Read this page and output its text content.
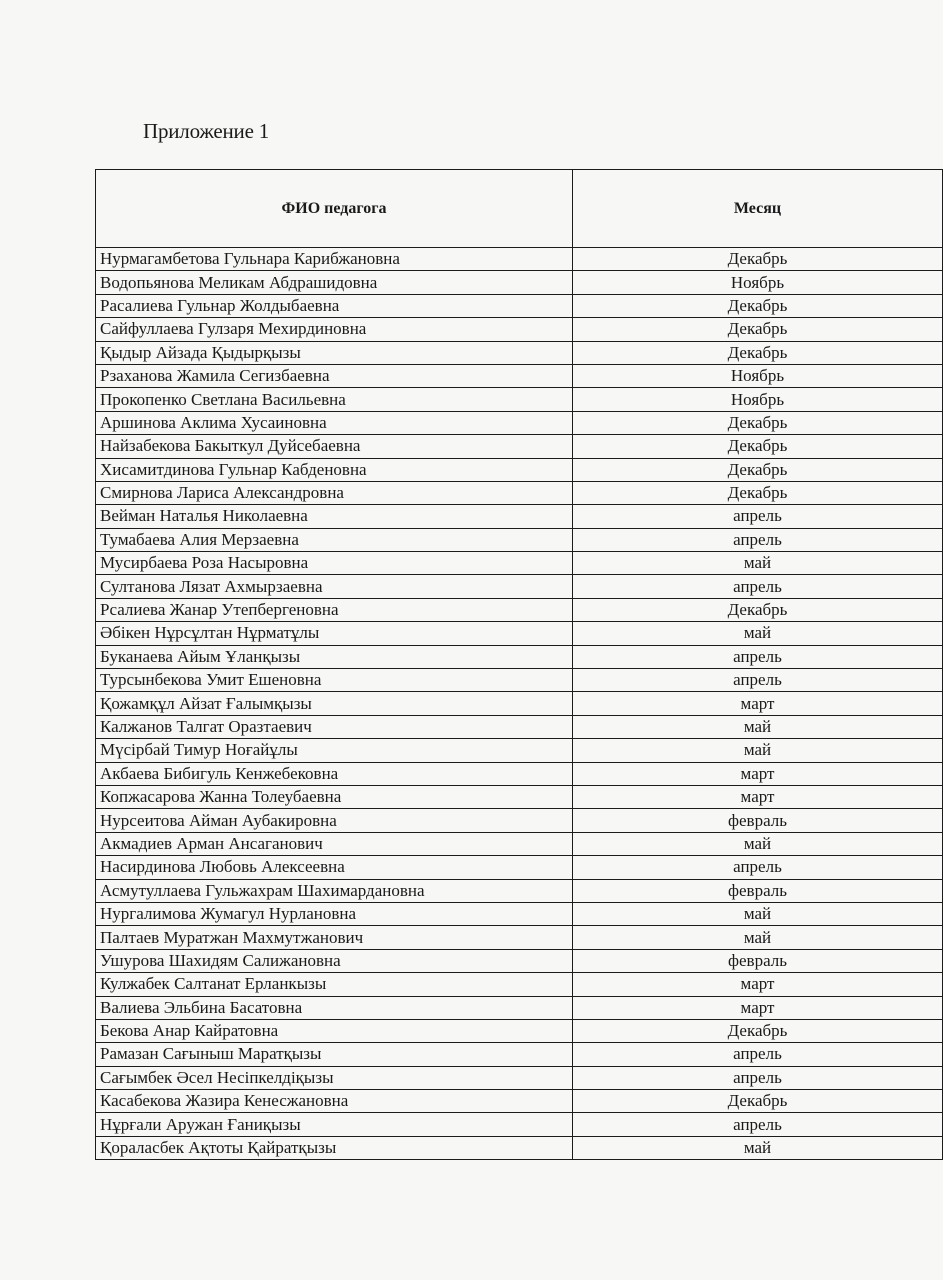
Приложение 1
ФИО педагога	Месяц
Нурмагамбетова Гульнара Карибжановна	Декабрь
Водопьянова Меликам Абдрашидовна	Ноябрь
Расалиева Гульнар Жолдыбаевна	Декабрь
Сайфуллаева Гулзаря Мехирдиновна	Декабрь
Қыдыр Айзада Қыдырқызы	Декабрь
Рзаханова Жамила Сегизбаевна	Ноябрь
Прокопенко Светлана Васильевна	Ноябрь
Аршинова Аклима Хусаиновна	Декабрь
Найзабекова Бакыткул Дуйсебаевна	Декабрь
Хисамитдинова Гульнар Кабденовна	Декабрь
Смирнова Лариса Александровна	Декабрь
Вейман Наталья Николаевна	апрель
Тумабаева Алия Мерзаевна	апрель
Мусирбаева Роза Насыровна	май
Султанова Лязат Ахмырзаевна	апрель
Рсалиева Жанар Утепбергеновна	Декабрь
Әбікен Нұрсұлтан Нұрматұлы	май
Буканаева Айым Ұланқызы	апрель
Турсынбекова Умит Ешеновна	апрель
Қожамқұл Айзат Ғалымқызы	март
Калжанов Талгат Оразтаевич	май
Мүсірбай Тимур Ноғайұлы	май
Акбаева Бибигуль Кенжебековна	март
Копжасарова Жанна Толеубаевна	март
Нурсеитова Айман Аубакировна	февраль
Акмадиев Арман Ансаганович	май
Насирдинова Любовь Алексеевна	апрель
Асмутуллаева Гульжахрам Шахимардановна	февраль
Нургалимова Жумагул Нурлановна	май
Палтаев Муратжан Махмутжанович	май
Ушурова Шахидям Салижановна	февраль
Кулжабек Салтанат Ерланкызы	март
Валиева Эльбина Басатовна	март
Бекова Анар Кайратовна	Декабрь
Рамазан Сағыныш Маратқызы	апрель
Сағымбек Әсел Несіпкелдіқызы	апрель
Касабекова Жазира Кенесжановна	Декабрь
Нұрғали Аружан Ғаниқызы	апрель
Қораласбек Ақтоты Қайратқызы	май
